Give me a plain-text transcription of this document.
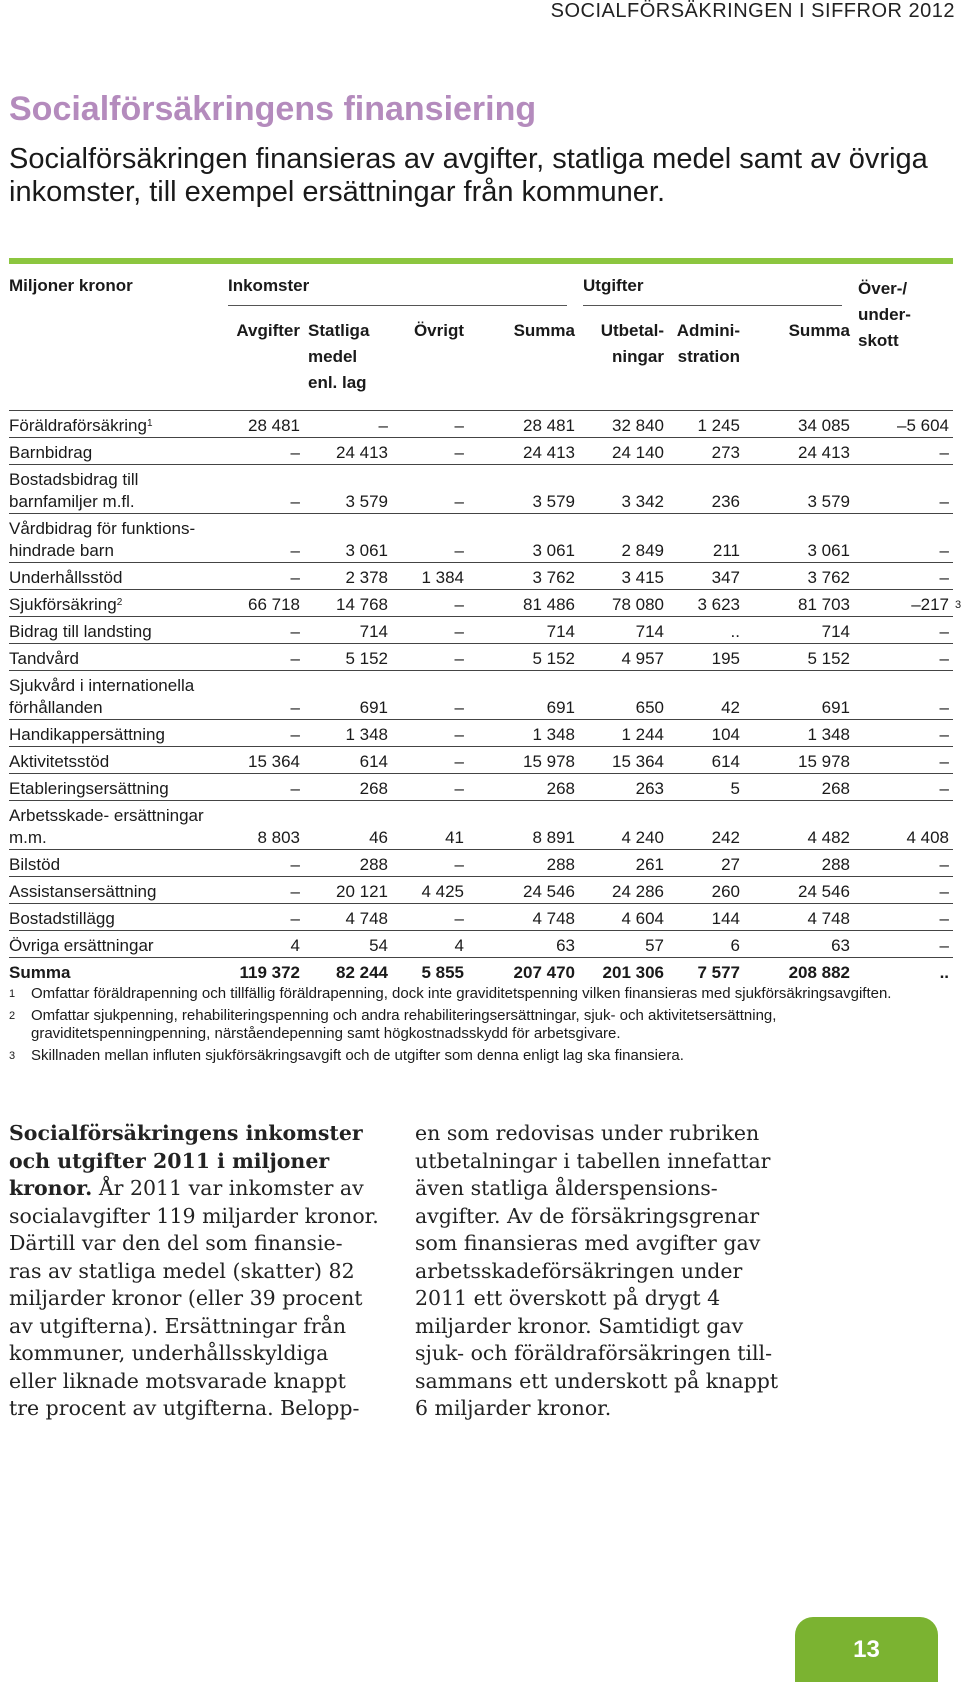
SOCIALFÖRSÄKRINGEN I SIFFROR 2012
Socialförsäkringens finansiering

Socialförsäkringen finansieras av avgifter, statliga medel samt av övriga inkomster, till exempel ersättningar från kommuner.

Miljoner kronor	Inkomster				Utgifter			Över-/ under- skott
	Avgifter	Statliga medel enl. lag	Övrigt	Summa	Utbetal- ningar	Admini- stration	Summa	
Föräldraförsäkring$^1$	28 481	–	–	28 481	32 840	1 245	34 085	–5 604
Barnbidrag	–	24 413	–	24 413	24 140	273	24 413	–
Bostadsbidrag till barnfamiljer m.fl.	–	3 579	–	3 579	3 342	236	3 579	–
Vårdbidrag för funktions- hindrade barn	–	3 061	–	3 061	2 849	211	3 061	–
Underhållsstöd	–	2 378	1 384	3 762	3 415	347	3 762	–
Sjukförsäkring$^2$	66 718	14 768	–	81 486	78 080	3 623	81 703	–217 3

Bidrag till landsting	–	714	–	714	714	..	714	–
Tandvård	–	5 152	–	5 152	4 957	195	5 152	–
Sjukvård i internationella förhållanden	–	691	–	691	650	42	691	–
Handikappersättning	–	1 348	–	1 348	1 244	104	1 348	–
Aktivitetsstöd	15 364	614	–	15 978	15 364	614	15 978	–
Etableringsersättning	–	268	–	268	263	5	268	–
Arbetsskade- ersättningar m.m.	8 803	46	41	8 891	4 240	242	4 482	4 408
Bilstöd	–	288	–	288	261	27	288	–
Assistansersättning	–	20 121	4 425	24 546	24 286	260	24 546	–
Bostadstillägg	–	4 748	–	4 748	4 604	144	4 748	–
Övriga ersättningar	4	54	4	63	57	6	63	–
Summa	119 372	82 244	5 855	207 470	201 306	7 577	208 882	..
1	Omfattar föräldrapenning och tillfällig föräldrapenning, dock inte graviditetspenning vilken finansieras med sjukförsäkringsavgiften.
2	Omfattar sjukpenning, rehabiliteringspenning och andra rehabiliteringsersättningar, sjuk- och aktivitetsersättning, graviditetspenningpenning, närståendepenning samt högkostnadsskydd för arbetsgivare.
3	Skillnaden mellan influten sjukförsäkringsavgift och de utgifter som denna enligt lag ska finansiera.

Socialförsäkringens inkomster och utgifter 2011 i miljoner kronor. År 2011 var inkomster av socialavgifter 119 miljarder kronor. Därtill var den del som finansie- ras av statliga medel (skatter) 82 miljarder kronor (eller 39 procent av utgifterna). Ersättningar från kommuner, underhållsskyldiga eller liknade motsvarade knappt tre procent av utgifterna. Belopp-

en som redovisas under rubriken utbetalningar i tabellen innefattar även statliga ålderspensions- avgifter. Av de försäkringsgrenar som finansieras med avgifter gav arbetsskadeförsäkringen under 2011 ett överskott på drygt 4 miljarder kronor. Samtidigt gav sjuk- och föräldraförsäkringen till- sammans ett underskott på knappt 6 miljarder kronor.

13
